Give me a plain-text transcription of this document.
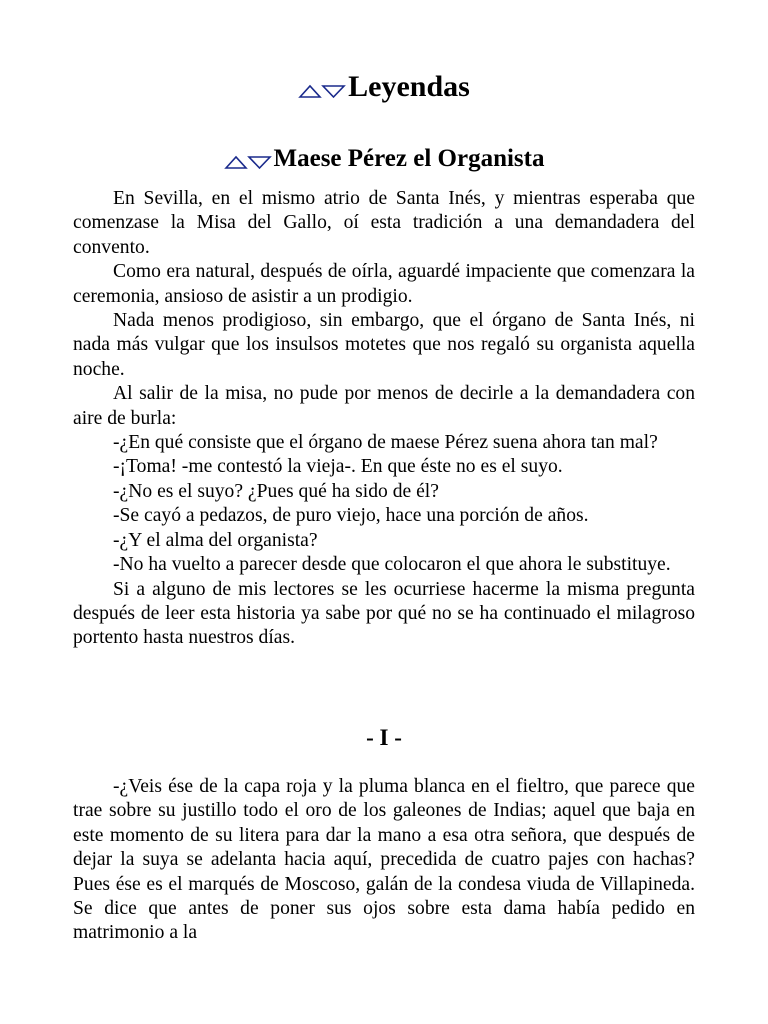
Leyendas
Maese Pérez el Organista

En Sevilla, en el mismo atrio de Santa Inés, y mientras esperaba que comenzase la Misa del Gallo, oí esta tradición a una demandadera del convento.

Como era natural, después de oírla, aguardé impaciente que comenzara la ceremonia, ansioso de asistir a un prodigio.

Nada menos prodigioso, sin embargo, que el órgano de Santa Inés, ni nada más vulgar que los insulsos motetes que nos regaló su organista aquella noche.

Al salir de la misa, no pude por menos de decirle a la demandadera con aire de burla:

-¿En qué consiste que el órgano de maese Pérez suena ahora tan mal?

-¡Toma! -me contestó la vieja-. En que éste no es el suyo.

-¿No es el suyo? ¿Pues qué ha sido de él?

-Se cayó a pedazos, de puro viejo, hace una porción de años.

-¿Y el alma del organista?

-No ha vuelto a parecer desde que colocaron el que ahora le substituye.

Si a alguno de mis lectores se les ocurriese hacerme la misma pregunta después de leer esta historia ya sabe por qué no se ha continuado el milagroso portento hasta nuestros días.

- I -

-¿Veis ése de la capa roja y la pluma blanca en el fieltro, que parece que trae sobre su justillo todo el oro de los galeones de Indias; aquel que baja en este momento de su litera para dar la mano a esa otra señora, que después de dejar la suya se adelanta hacia aquí, precedida de cuatro pajes con hachas? Pues ése es el marqués de Moscoso, galán de la condesa viuda de Villapineda. Se dice que antes de poner sus ojos sobre esta dama había pedido en matrimonio a la
